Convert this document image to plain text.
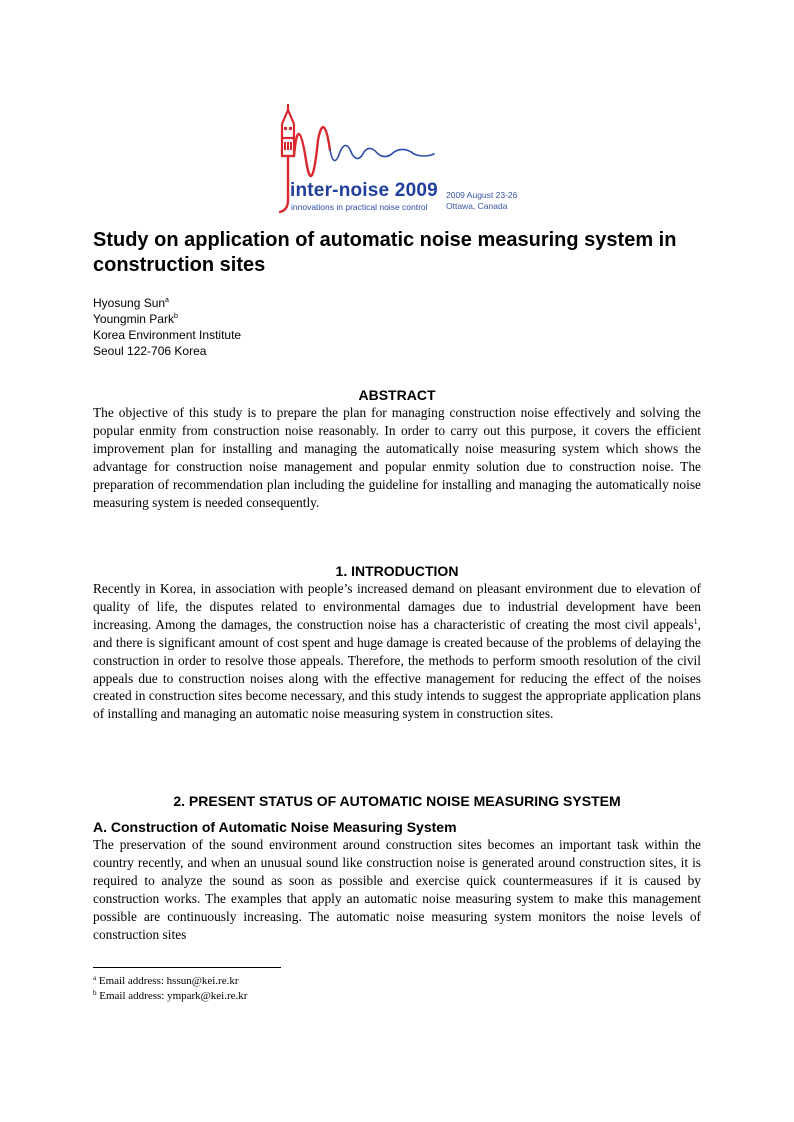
inter-noise 2009
innovations in practical noise control
2009 August 23-26
Ottawa, Canada
Study on application of automatic noise measuring system in construction sites
Hyosung Sun$^a$
Youngmin Park$^b$
Korea Environment Institute
Seoul 122-706 Korea
ABSTRACT

The objective of this study is to prepare the plan for managing construction noise effectively and solving the popular enmity from construction noise reasonably. In order to carry out this purpose, it covers the efficient improvement plan for installing and managing the automatically noise measuring system which shows the advantage for construction noise management and popular enmity solution due to construction noise. The preparation of recommendation plan including the guideline for installing and managing the automatically noise measuring system is needed consequently.

1. INTRODUCTION

Recently in Korea, in association with people’s increased demand on pleasant environment due to elevation of quality of life, the disputes related to environmental damages due to industrial development have been increasing. Among the damages, the construction noise has a characteristic of creating the most civil appeals$^1$, and there is significant amount of cost spent and huge damage is created because of the problems of delaying the construction in order to resolve those appeals. Therefore, the methods to perform smooth resolution of the civil appeals due to construction noises along with the effective management for reducing the effect of the noises created in construction sites become necessary, and this study intends to suggest the appropriate application plans of installing and managing an automatic noise measuring system in construction sites.

2. PRESENT STATUS OF AUTOMATIC NOISE MEASURING SYSTEM
A. Construction of Automatic Noise Measuring System

The preservation of the sound environment around construction sites becomes an important task within the country recently, and when an unusual sound like construction noise is generated around construction sites, it is required to analyze the sound as soon as possible and exercise quick countermeasures if it is caused by construction works. The examples that apply an automatic noise measuring system to make this management possible are continuously increasing. The automatic noise measuring system monitors the noise levels of construction sites

$^a$ Email address: hssun@kei.re.kr
$^b$ Email address: ympark@kei.re.kr
